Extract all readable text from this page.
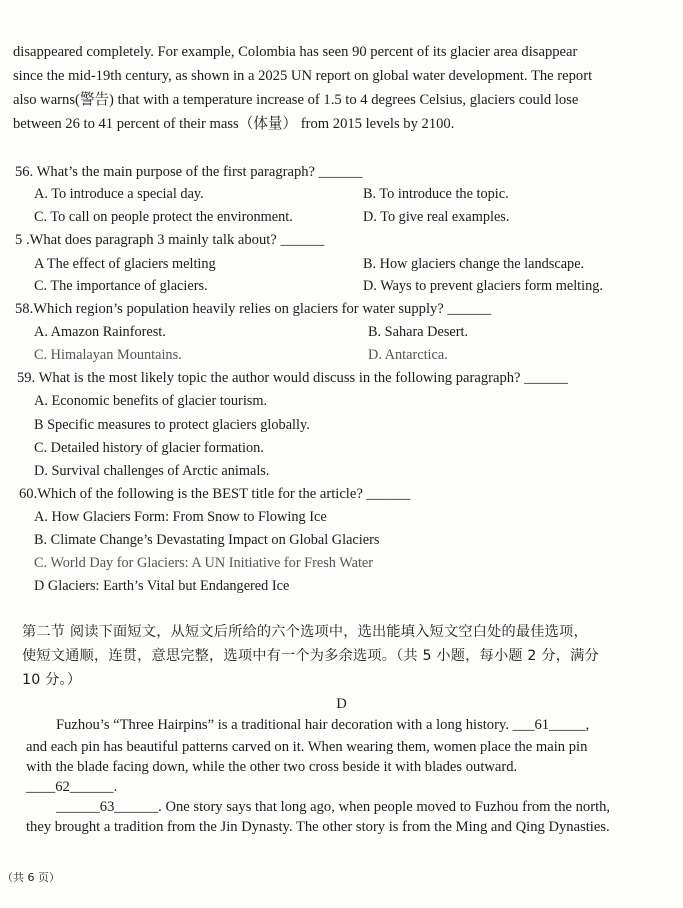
disappeared completely. For example, Colombia has seen 90 percent of its glacier area disappear
since the mid-19th century, as shown in a 2025 UN report on global water development. The report
also warns(警告) that with a temperature increase of 1.5 to 4 degrees Celsius, glaciers could lose
between 26 to 41 percent of their mass（体量） from 2015 levels by 2100.
56. What’s the main purpose of the first paragraph? ______
A. To introduce a special day.	B. To introduce the topic.
C. To call on people protect the environment.	D. To give real examples.
5 .What does paragraph 3 mainly talk about? ______
A The effect of glaciers melting	B. How glaciers change the landscape.
C. The importance of glaciers.	D. Ways to prevent glaciers form melting.
58.Which region’s population heavily relies on glaciers for water supply? ______
A. Amazon Rainforest.	B. Sahara Desert.
C. Himalayan Mountains.	D. Antarctica.
59. What is the most likely topic the author would discuss in the following paragraph? ______
A. Economic benefits of glacier tourism.
B Specific measures to protect glaciers globally.
C. Detailed history of glacier formation.
D. Survival challenges of Arctic animals.
60.Which of the following is the BEST title for the article? ______
A. How Glaciers Form: From Snow to Flowing Ice
B. Climate Change’s Devastating Impact on Global Glaciers
C. World Day for Glaciers: A UN Initiative for Fresh Water
D Glaciers: Earth’s Vital but Endangered Ice
第二节 阅读下面短文，从短文后所给的六个选项中，选出能填入短文空白处的最佳选项，
使短文通顺，连贯，意思完整，选项中有一个为多余选项。（共 5 小题，每小题 2 分，满分
10 分。）
D
Fuzhou’s “Three Hairpins” is a traditional hair decoration with a long history. ___61_____,
and each pin has beautiful patterns carved on it. When wearing them, women place the main pin
with the blade facing down, while the other two cross beside it with blades outward.
____62______.
______63______. One story says that long ago, when people moved to Fuzhou from the north,
they brought a tradition from the Jin Dynasty. The other story is from the Ming and Qing Dynasties.
（共 6 页）
